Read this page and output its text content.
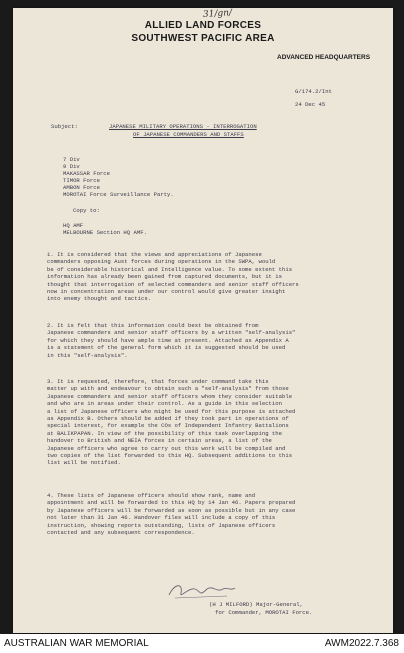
31/gn/
ALLIED LAND FORCES
SOUTHWEST PACIFIC AREA
ADVANCED HEADQUARTERS
G/174.2/Int
24 Dec 45
Subject:	JAPANESE MILITARY OPERATIONS - INTERROGATION
OF JAPANESE COMMANDERS AND STAFFS
7 Div
9 Div
MAKASSAR Force
TIMOR Force
AMBON Force
MOROTAI Force Surveillance Party.
Copy to:
HQ AMF
MELBOURNE Section HQ AMF.
1. It is considered that the views and appreciations of Japanese
commanders opposing Aust forces during operations in the SWPA, would
be of considerable historical and Intelligence value. To some extent this
information has already been gained from captured documents, but it is
thought that interrogation of selected commanders and senior staff officers
now in concentration areas under our control would give greater insight
into enemy thought and tactics.
2. It is felt that this information could best be obtained from
Japanese commanders and senior staff officers by a written "self-analysis"
for which they should have ample time at present. Attached as Appendix A
is a statement of the general form which it is suggested should be used
in this "self-analysis".
3. It is requested, therefore, that forces under command take this
matter up with and endeavour to obtain such a "self-analysis" from those
Japanese commanders and senior staff officers whom they consider suitable
and who are in areas under their control. As a guide in this selection
a list of Japanese officers who might be used for this purpose is attached
as Appendix B. Others should be added if they took part in operations of
special interest, for example the COs of Independent Infantry Battalions
at BALIKPAPAN. In view of the possibility of this task overlapping the
handover to British and NEIA forces in certain areas, a list of the
Japanese officers who agree to carry out this work will be compiled and
two copies of the list forwarded to this HQ. Subsequent additions to this
list will be notified.
4. These lists of Japanese officers should show rank, name and
appointment and will be forwarded to this HQ by 14 Jan 46. Papers prepared
by Japanese officers will be forwarded as soon as possible but in any case
not later than 31 Jan 46. Handover files will include a copy of this
instruction, showing reports outstanding, lists of Japanese officers
contacted and any subsequent correspondence.
(H J MILFORD) Major-General,
for Commander, MOROTAI Force.
AUSTRALIAN WAR MEMORIAL	AWM2022.7.368
